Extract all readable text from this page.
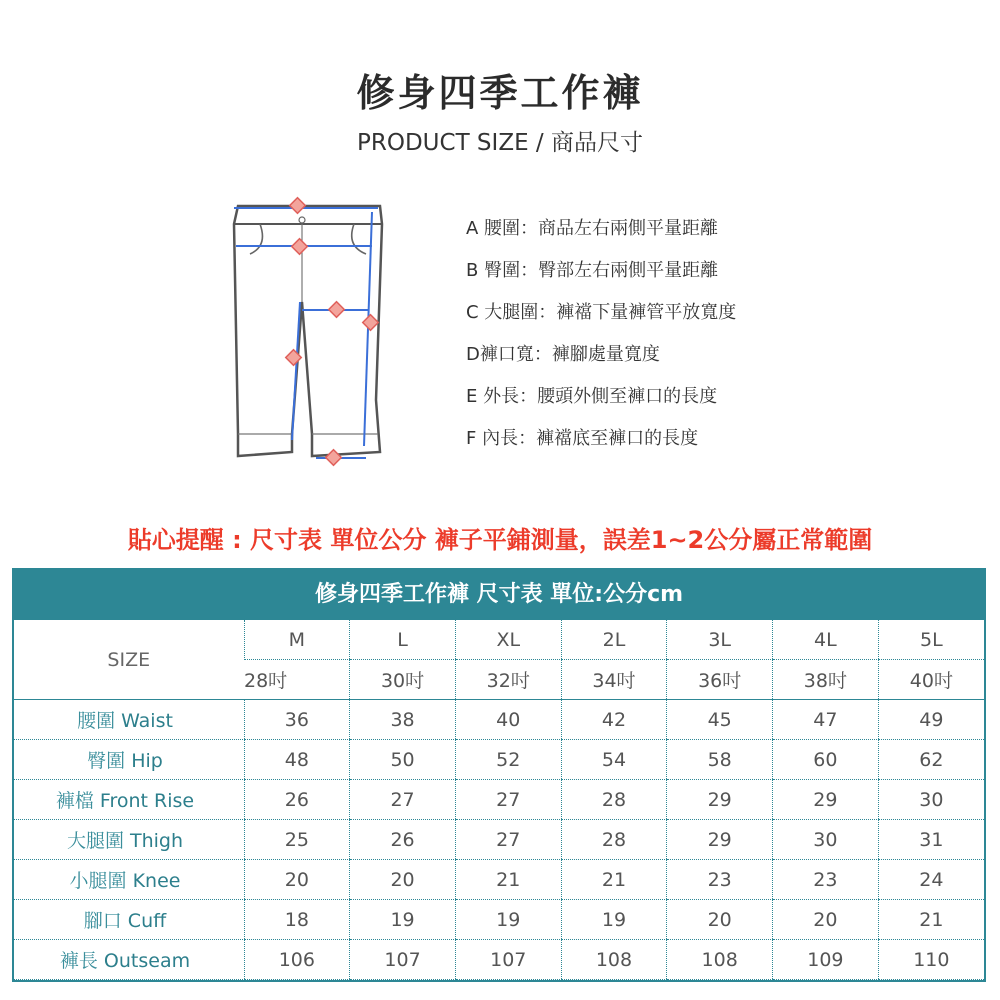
修身四季工作褲
PRODUCT SIZE / 商品尺寸
A 腰圍：商品左右兩側平量距離
B 臀圍：臀部左右兩側平量距離
C 大腿圍：褲襠下量褲管平放寬度
D褲口寬：褲腳處量寬度
E 外長：腰頭外側至褲口的長度
F 內長：褲襠底至褲口的長度
貼心提醒 : 尺寸表 單位公分 褲子平鋪測量，誤差1~2公分屬正常範圍
修身四季工作褲 尺寸表 單位:公分cm
SIZE	M	L	XL	2L	3L	4L	5L
	28吋	30吋	32吋	34吋	36吋	38吋	40吋
腰圍 Waist	36	38	40	42	45	47	49
臀圍 Hip	48	50	52	54	58	60	62
褲檔 Front Rise	26	27	27	28	29	29	30
大腿圍 Thigh	25	26	27	28	29	30	31
小腿圍 Knee	20	20	21	21	23	23	24
腳口 Cuff	18	19	19	19	20	20	21
褲長 Outseam	106	107	107	108	108	109	110
